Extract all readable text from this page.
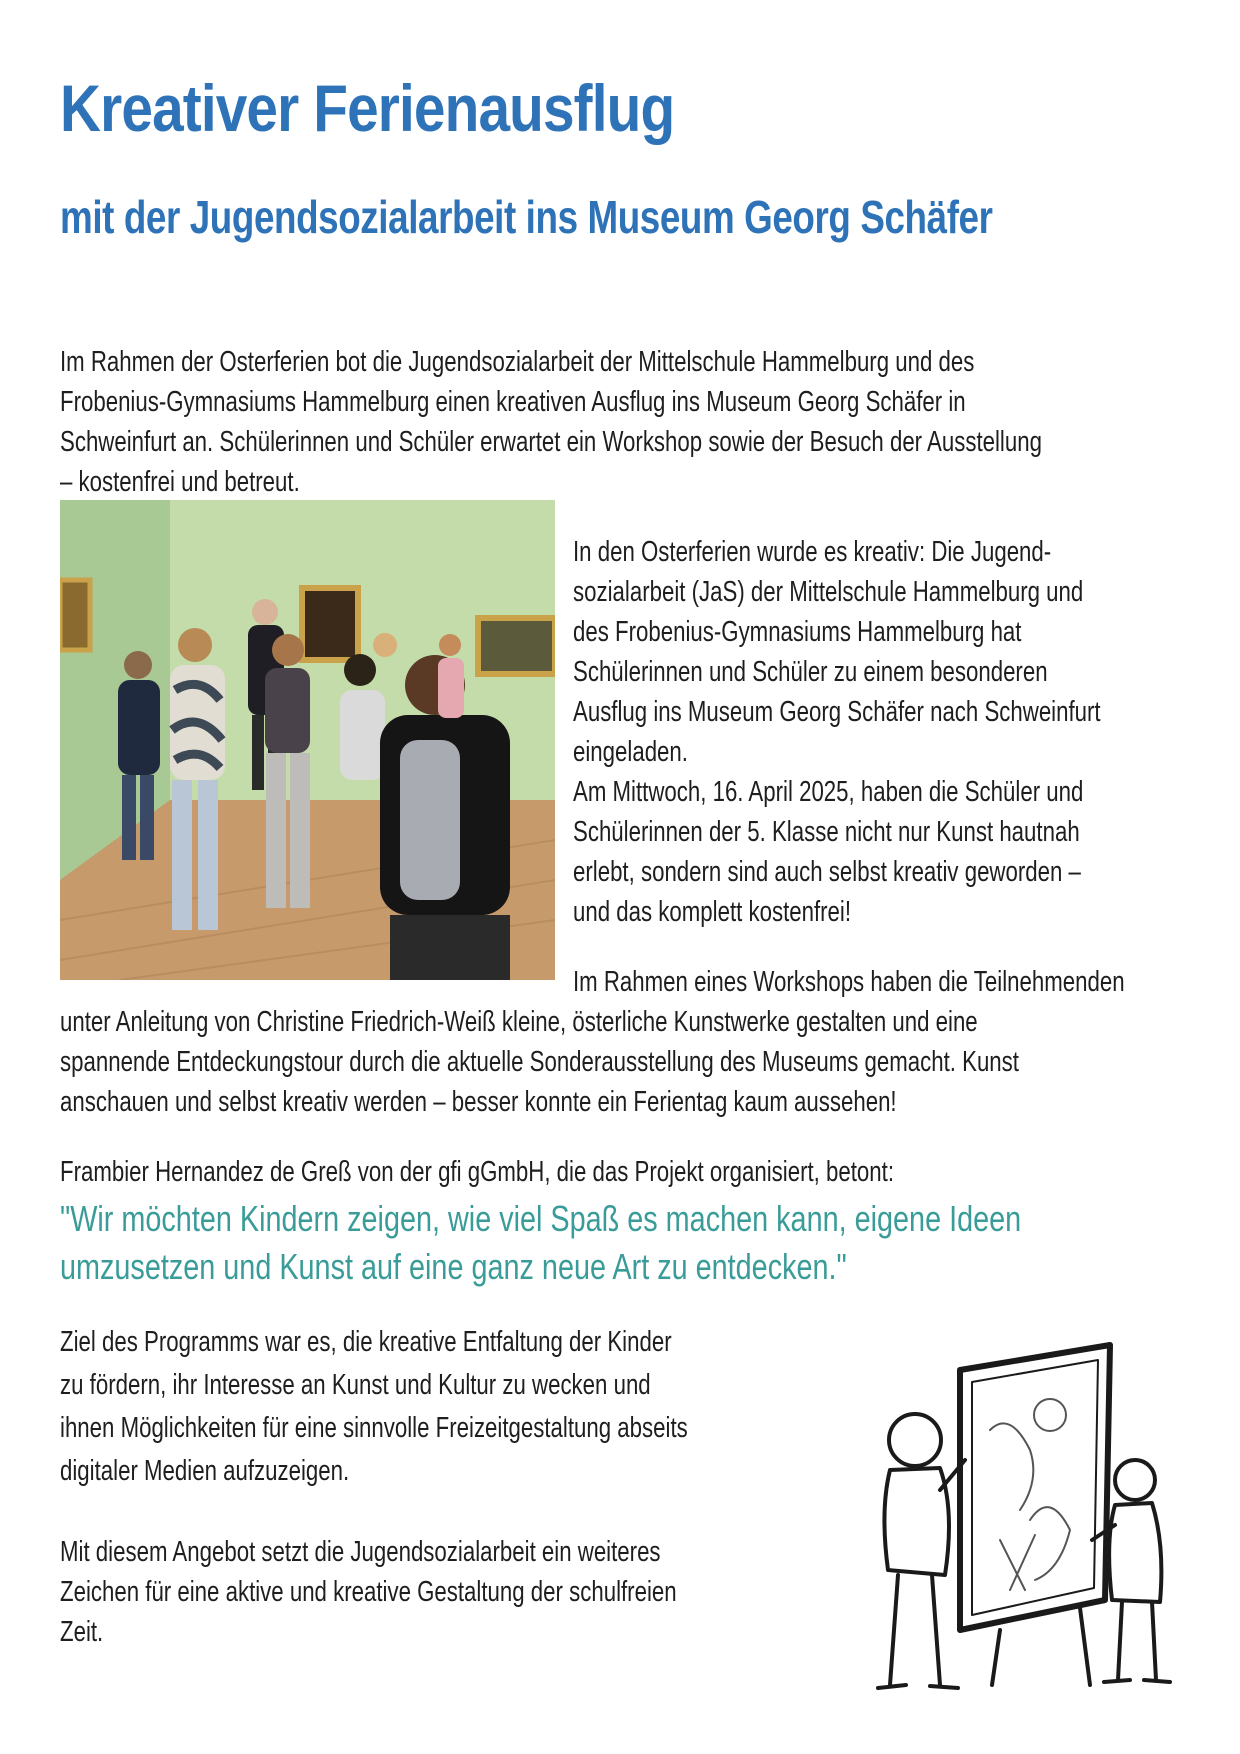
Kreativer Ferienausflug
mit der Jugendsozialarbeit ins Museum Georg Schäfer
Im Rahmen der Osterferien bot die Jugendsozialarbeit der Mittelschule Hammelburg und des
Frobenius-Gymnasiums Hammelburg einen kreativen Ausflug ins Museum Georg Schäfer in
Schweinfurt an. Schülerinnen und Schüler erwartet ein Workshop sowie der Besuch der Ausstellung
– kostenfrei und betreut.
In den Osterferien wurde es kreativ: Die Jugend-
sozialarbeit (JaS) der Mittelschule Hammelburg und
des Frobenius-Gymnasiums Hammelburg hat
Schülerinnen und Schüler zu einem besonderen
Ausflug ins Museum Georg Schäfer nach Schweinfurt
eingeladen.
Am Mittwoch, 16. April 2025, haben die Schüler und
Schülerinnen der 5. Klasse nicht nur Kunst hautnah
erlebt, sondern sind auch selbst kreativ geworden –
und das komplett kostenfrei!
Im Rahmen eines Workshops haben die Teilnehmenden
unter Anleitung von Christine Friedrich-Weiß kleine, österliche Kunstwerke gestalten und eine
spannende Entdeckungstour durch die aktuelle Sonderausstellung des Museums gemacht. Kunst
anschauen und selbst kreativ werden – besser konnte ein Ferientag kaum aussehen!
Frambier Hernandez de Greß von der gfi gGmbH, die das Projekt organisiert, betont:
"Wir möchten Kindern zeigen, wie viel Spaß es machen kann, eigene Ideen
umzusetzen und Kunst auf eine ganz neue Art zu entdecken."
Ziel des Programms war es, die kreative Entfaltung der Kinder
zu fördern, ihr Interesse an Kunst und Kultur zu wecken und
ihnen Möglichkeiten für eine sinnvolle Freizeitgestaltung abseits
digitaler Medien aufzuzeigen.
Mit diesem Angebot setzt die Jugendsozialarbeit ein weiteres
Zeichen für eine aktive und kreative Gestaltung der schulfreien
Zeit.
